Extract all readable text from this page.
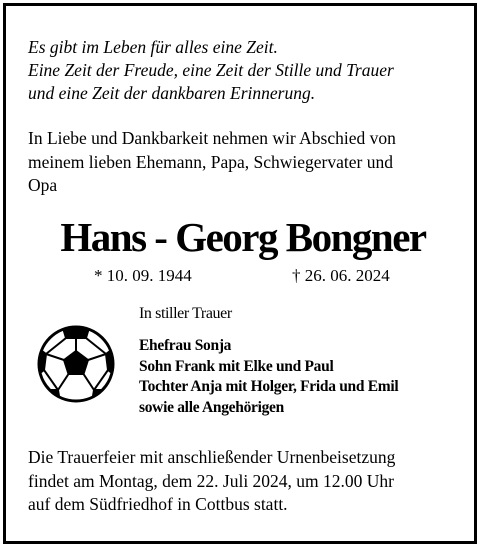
Es gibt im Leben für alles eine Zeit.
Eine Zeit der Freude, eine Zeit der Stille und Trauer
und eine Zeit der dankbaren Erinnerung.
In Liebe und Dankbarkeit nehmen wir Abschied von
meinem lieben Ehemann, Papa, Schwiegervater und
Opa
Hans - Georg Bongner
* 10. 09. 1944	† 26. 06. 2024
In stiller Trauer
Ehefrau Sonja
Sohn Frank mit Elke und Paul
Tochter Anja mit Holger, Frida und Emil
sowie alle Angehörigen
Die Trauerfeier mit anschließender Urnenbeisetzung
findet am Montag, dem 22. Juli 2024, um 12.00 Uhr
auf dem Südfriedhof in Cottbus statt.
